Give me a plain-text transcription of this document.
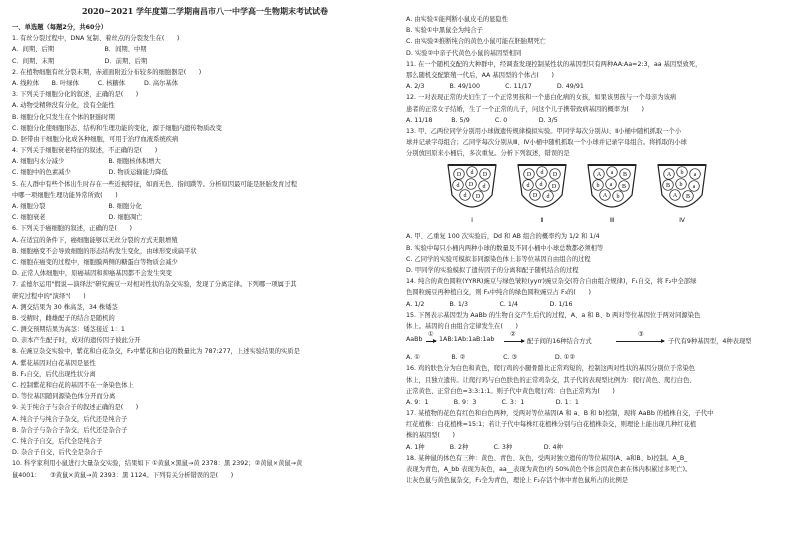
2020~2021 学年度第二学期南昌市八一中学高一生物期末考试试卷
一、单选题（每题2分，共60分）
1. 有丝分裂过程中，DNA 复制、着丝点的分裂发生在(　　)
A．间期、后期　　　　　　　　B．间期、中期
C．间期、末期　　　　　　　　D．前期、后期
2. 在植物细胞有丝分裂末期，赤道面附近分布较多的细胞器是(　　)
A. 线粒体　　B. 叶绿体　　　C. 核糖体　　　D. 高尔基体
3. 下列关于细胞分化的叙述，正确的是(　　)
A. 动物受精卵没有分化，没有全能性
B. 细胞分化只发生在个体的胚胎时期
C. 细胞分化使细胞形态、结构和生理功能的变化，源于细胞内遗传物质改变
D. 胚带由干细胞分化成各种细胞，可用于治疗血液系统疾病
4. 下列关于细胞衰老特征的叙述，不正确的是(　　)
A. 细胞内水分减少　　　　　　　B. 细胞核体积增大
C. 细胞中的色素减少　　　　　　D. 物质运输能力降低
5. 在人群中有些个体出生时存在一些近视特征，如面无色、指间蹼等。分析原因最可能是胚胎发育过程
中哪一项细胞生理功能异常所致(　　)
A. 细胞分裂　　　　　　　　　　B. 细胞分化
C. 细胞衰老　　　　　　　　　　D. 细胞凋亡
6. 下列关于癌细胞的叙述，正确的是(　　)
A. 在适宜的条件下，癌细胞能够以无丝分裂的方式无限增殖
B. 细胞癌变不会导致细胞的形态结构发生变化，由球形变成扁平状
C. 细胞在癌变的过程中，细胞膜两侧的糖蛋白等物质会减少
D. 正常人体细胞中，原癌基因和抑癌基因都不会发生突变
7. 孟德尔运用"假说—演绎法"研究豌豆一对相对性状的杂交实验，发现了分离定律。下列哪一项属于其
研究过程中的"演绎"(　　)
A. 测交结果为 30 株高茎，34 株矮茎
B. 受精时，雌雄配子的结合是随机的
C. 测交预期结果为高茎：矮茎接近 1：1
D. 亲本产生配子时，成对的遗传因子彼此分开
8. 在豌豆杂交实验中，紫花和白花杂交，F₂中紫花和白花的数量比为 787:277，上述实验结果的实质是
A. 紫花基因对白花基因是显性
B. F₁自交，后代出现性状分离
C. 控制紫花和白花的基因不在一条染色体上
D. 等位基因随同源染色体分开而分离
9. 关于纯合子与杂合子的叙述正确的是(　　)
A. 纯合子与纯合子杂交，后代还是纯合子
B. 杂合子与杂合子杂交，后代还是杂合子
C. 纯合子自交，后代全是纯合子
D. 杂合子自交，后代全是杂合子
10. 科学家利用小鼠进行大量杂交实验，结果如下 ①黄鼠×黑鼠→黄 2378：黑 2392；②黄鼠×黄鼠→黄
鼠4001：　　③黄鼠×黄鼠→黄 2393：黑 1124。下列有关分析错误的是(　　)
A. 由实验①能判断小鼠皮毛的显隐性
B. 实验①中黑鼠全为纯合子
C. 由实验②推断纯合的黄色小鼠可能在胚胎期死亡
D. 实验②中亲子代黄色小鼠的基因型相同
11. 在一个随机交配的大种群中，经调查发现控制某性状的基因型只有两种AA:Aa=2:3，aa 基因型致死，
那么随机交配繁殖一代后，AA 基因型的个体占(　　)
A. 2/3　　　　B. 49/100　　　　C. 11/17　　　　D. 49/91
12. 一对表现正常的夫妇生了一个正常男孩和一个患白化病的女孩，如果该男孩与一个母亲为该病
患者的正常女子结婚，生了一个正常的儿子，问这个儿子携带致病基因的概率为(　　)
A. 11/18　　　B. 5/9　　　　C. 0　　　　　D. 3/5
13. 甲、乙两位同学分别用小球做遗传规律模拟实验。甲同学每次分别从Ⅰ、Ⅱ小桶中随机抓取一个小
球并记录字母组合；乙同学每次分别从Ⅲ、Ⅳ小桶中随机抓取一个小球并记录字母组合。将抓取的小球
分别放回原来小桶后，多次重复。分析下列叙述，错误的是
D d D
d D d
d D
Ⅰ
D d D
d d D
D d
Ⅱ
A a B
b a B
A b
Ⅲ
A b a
B b a
A B
Ⅳ
A. 甲、乙重复 100 次实验后，Dd 和 AB 组合的概率约为 1/2 和 1/4
B. 实验中每只小桶内两种小球的数量及不同小桶中小球总数都必须相等
C. 乙同学的实验可模拟非同源染色体上非等位基因自由组合的过程
D. 甲同学的实验模拟了遗传因子的分离和配子随机结合的过程
14. 纯合的黄色圆粒(YYRR)豌豆与绿色皱粒(yyrr)豌豆杂交(符合自由组合规律)，F₁自交，将 F₂中全部绿
色圆粒豌豆再种植自交，则 F₃中纯合的绿色圆粒豌豆占 F₃的(　　)
A. 1/2　　　　B. 1/3　　　　　C. 1/4　　　　　D. 1/16
15. 下图表示基因型为 AaBb 的生物自交产生后代的过程，A、a 和 B、b 两对等位基因位于两对同源染色
体上。基因的自由组合定律发生在(　　)
AaBb
①
1AB:1Ab:1aB:1ab
②
配子间的16种结合方式
③
子代有9种基因型，4种表现型
A. ①　　　　　B. ②　　　　　　C. ③　　　　　　D. ①②
16. 鸡的肤色分为白色和黄色，爬行鸡的小腿骨骼比正常鸡短的，控制这两对性状的基因分别位于常染色
体上，且独立遗传。让爬行鸡与白色肤色的正常鸡杂交，其子代的表现型比例为：爬行黄色、爬行白色、
正常黄色、正常白色=3:3:1:1。则子代中黄色爬行鸡：白色正常鸡为(　　)
A. 9：1　　　　B. 9：3　　　　C. 3：1　　　　　D. 1：1
17. 某植物的花色有红色和白色两种，受两对等位基因(A 和 a、B 和 b)控制，现将 AaBb 的植株自交，子代中
红花植株：白花植株=15:1；若让子代中每株红花植株分别与白花植株杂交，则理论上能出现几种红花植
株的基因型(　　)
A. 1种　　　　B. 2种　　　　C. 3种　　　　　D. 4种
18. 某种鼠的体色有三种：黄色、青色、灰色，受两对独立遗传的等位基因(A、a和B、b)控制。A_B_
表现为青色，A_bb 表现为灰色，aa__表现为黄色(约 50%黄色个体会因黄色素在体内积累过多死亡)。
让灰色鼠与黄色鼠杂交，F₁全为青色，理论上 F₂存活个体中青色鼠所占的比例是
